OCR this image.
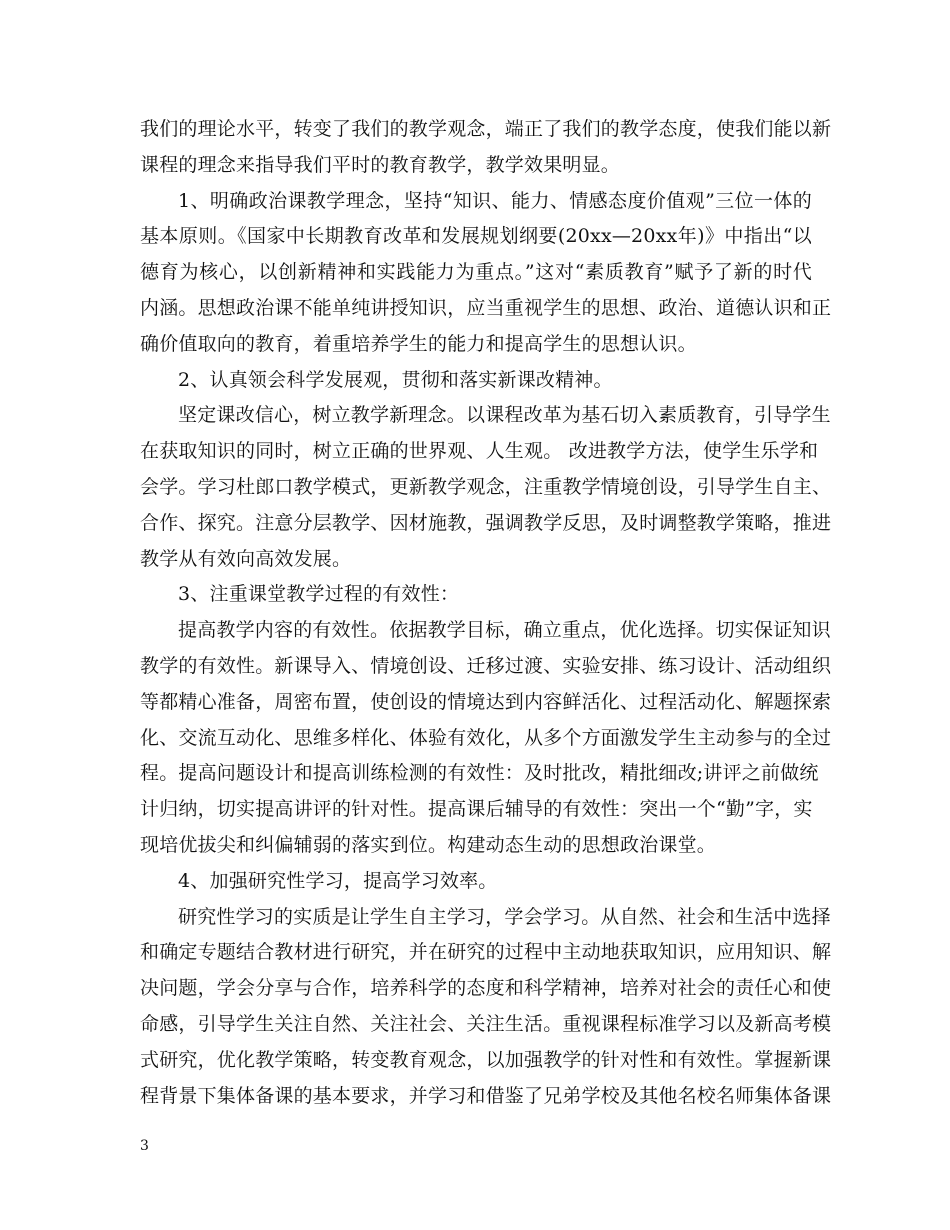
我们的理论水平，转变了我们的教学观念，端正了我们的教学态度，使我们能以新
课程的理念来指导我们平时的教育教学，教学效果明显。
1、明确政治课教学理念，坚持“知识、能力、情感态度价值观”三位一体的
基本原则。《国家中长期教育改革和发展规划纲要(20xx—20xx年)》中指出“以
德育为核心，以创新精神和实践能力为重点。”这对“素质教育”赋予了新的时代
内涵。思想政治课不能单纯讲授知识，应当重视学生的思想、政治、道德认识和正
确价值取向的教育，着重培养学生的能力和提高学生的思想认识。
2、认真领会科学发展观，贯彻和落实新课改精神。
坚定课改信心，树立教学新理念。以课程改革为基石切入素质教育，引导学生
在获取知识的同时，树立正确的世界观、人生观。 改进教学方法，使学生乐学和
会学。学习杜郎口教学模式，更新教学观念，注重教学情境创设，引导学生自主、
合作、探究。注意分层教学、因材施教，强调教学反思，及时调整教学策略，推进
教学从有效向高效发展。
3、注重课堂教学过程的有效性：
提高教学内容的有效性。依据教学目标，确立重点，优化选择。切实保证知识
教学的有效性。新课导入、情境创设、迁移过渡、实验安排、练习设计、活动组织
等都精心准备，周密布置，使创设的情境达到内容鲜活化、过程活动化、解题探索
化、交流互动化、思维多样化、体验有效化，从多个方面激发学生主动参与的全过
程。提高问题设计和提高训练检测的有效性：及时批改，精批细改;讲评之前做统
计归纳，切实提高讲评的针对性。提高课后辅导的有效性：突出一个“勤”字，实
现培优拔尖和纠偏辅弱的落实到位。构建动态生动的思想政治课堂。
4、加强研究性学习，提高学习效率。
研究性学习的实质是让学生自主学习，学会学习。从自然、社会和生活中选择
和确定专题结合教材进行研究，并在研究的过程中主动地获取知识，应用知识、解
决问题，学会分享与合作，培养科学的态度和科学精神，培养对社会的责任心和使
命感，引导学生关注自然、关注社会、关注生活。重视课程标准学习以及新高考模
式研究，优化教学策略，转变教育观念，以加强教学的针对性和有效性。掌握新课
程背景下集体备课的基本要求，并学习和借鉴了兄弟学校及其他名校名师集体备课
3
